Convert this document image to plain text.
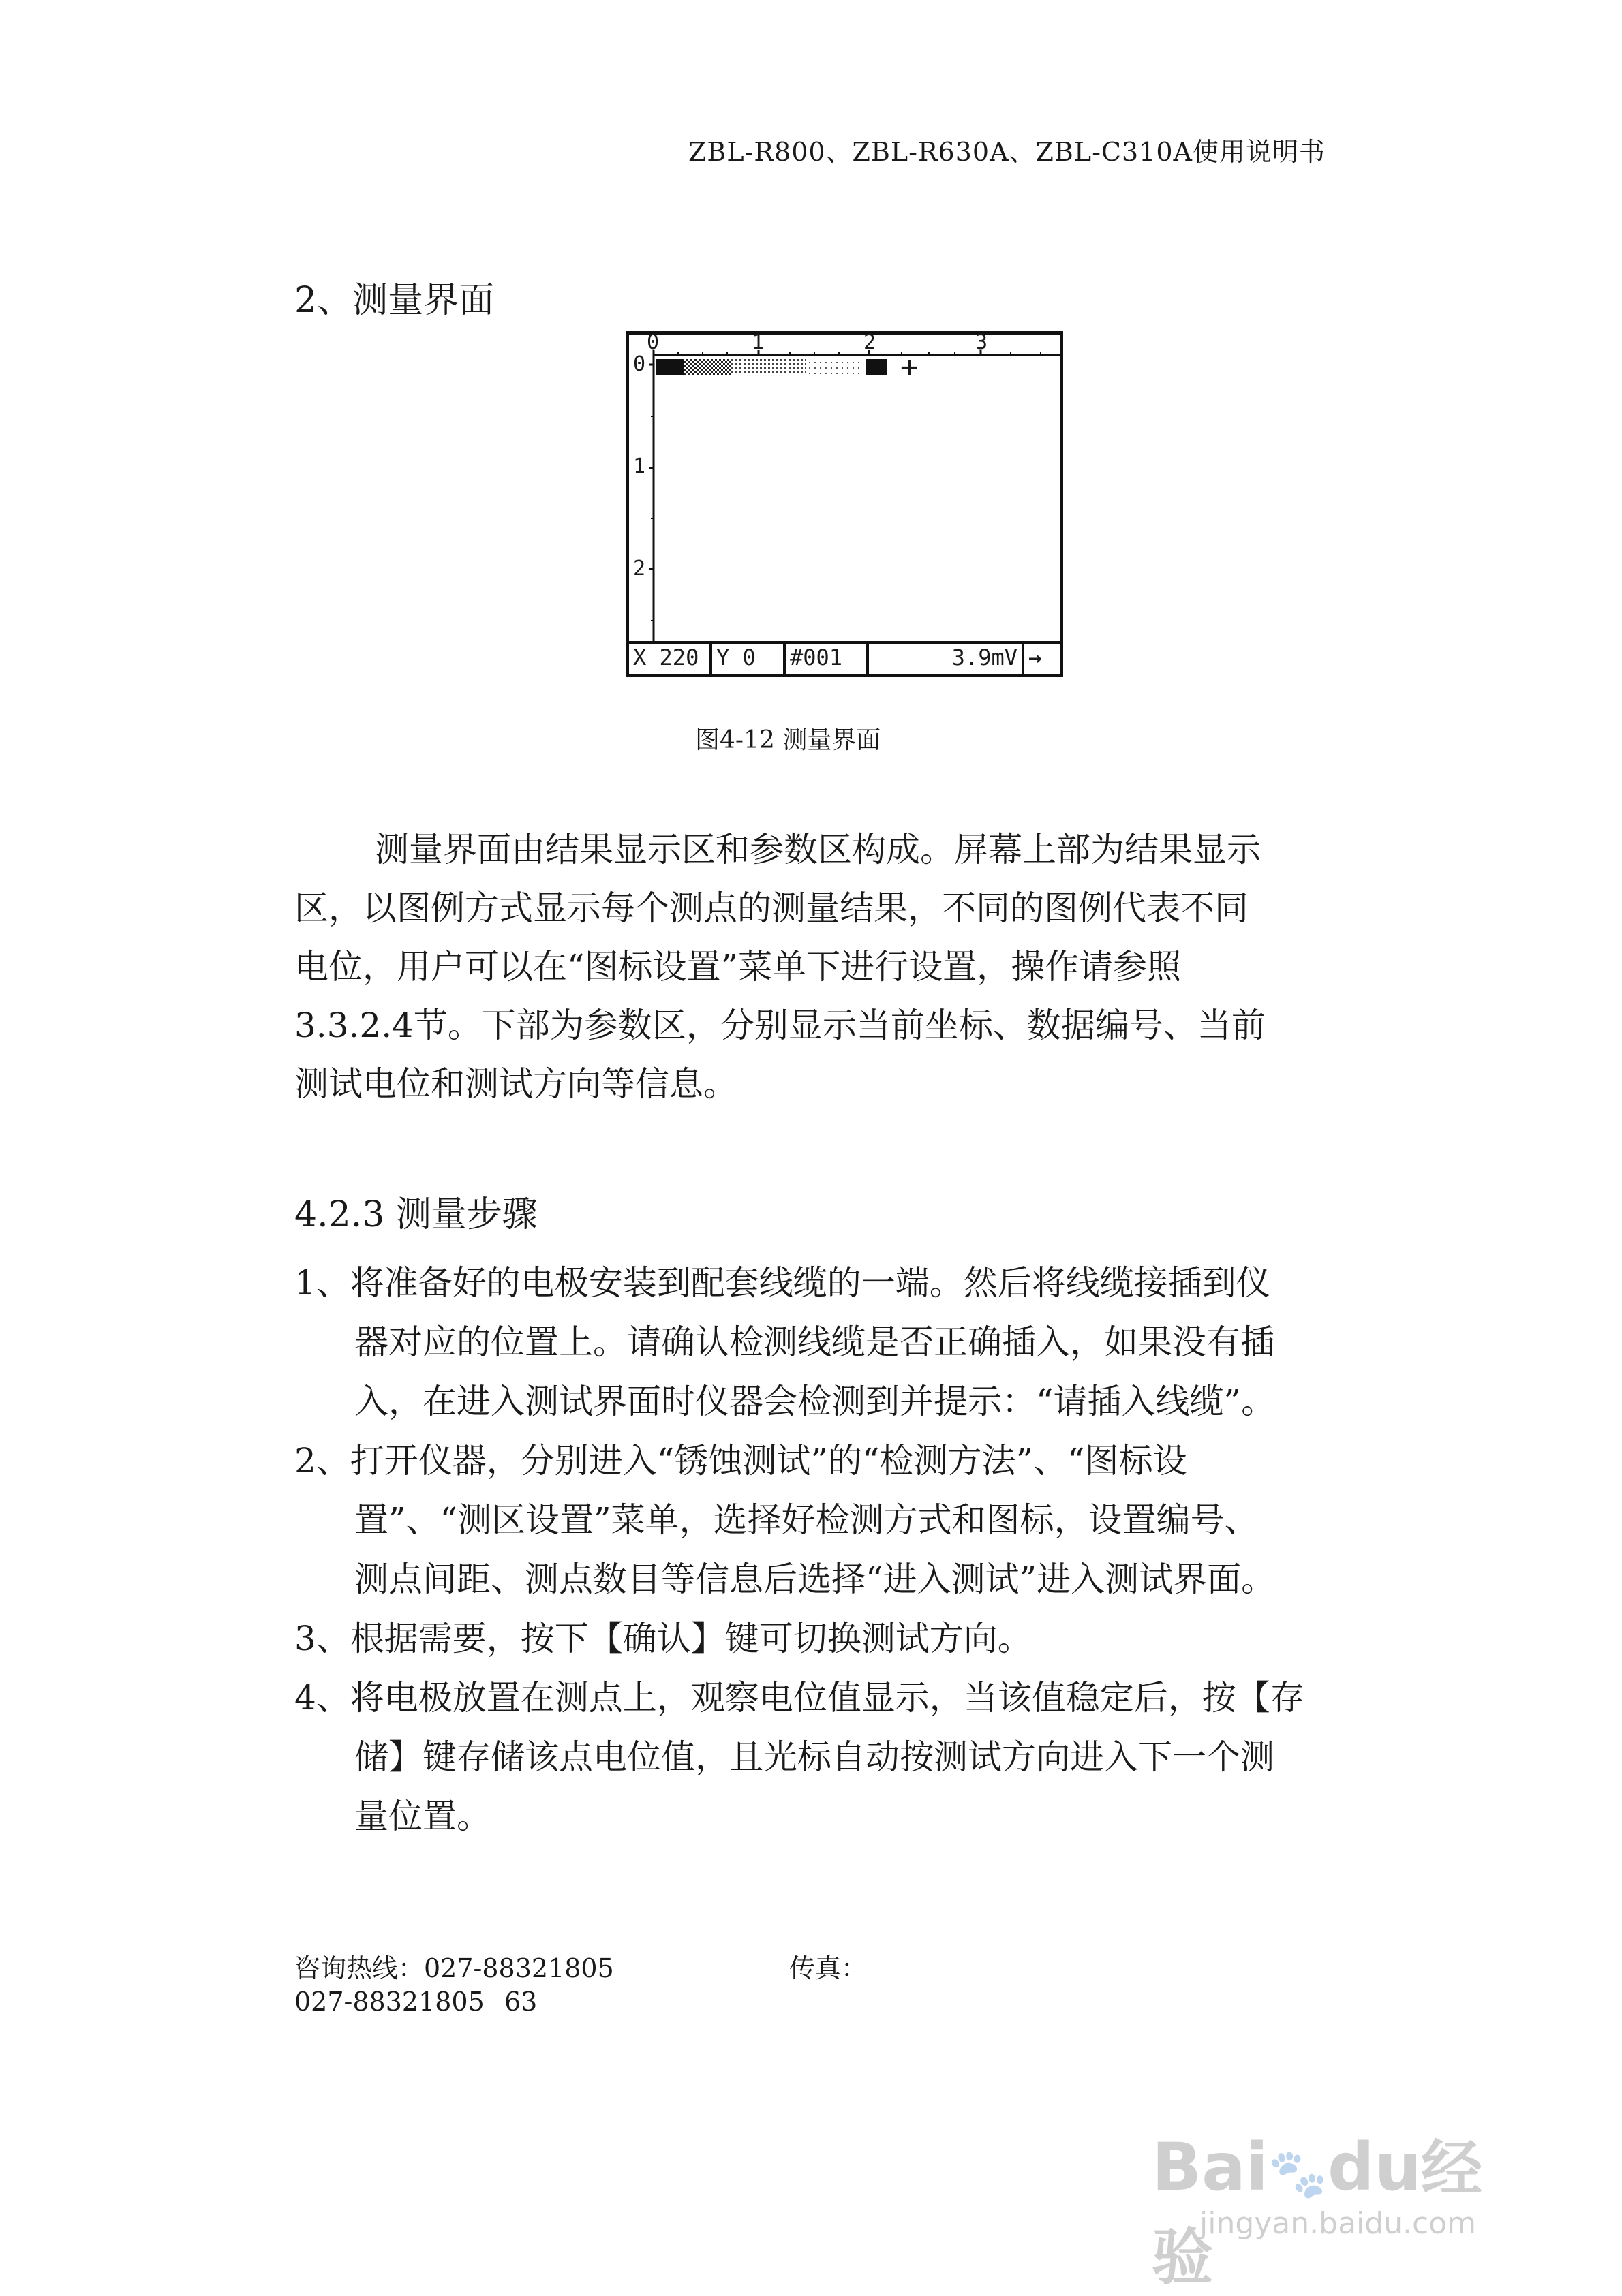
ZBL-R800、ZBL-R630A、ZBL-C310A使用说明书
2、测量界面
0	1	2	3
0
1
2
+
X 220 Y 0	#001	3.9mV →
图4-12 测量界面

测量界面由结果显示区和参数区构成。屏幕上部为结果显示

区，以图例方式显示每个测点的测量结果，不同的图例代表不同

电位，用户可以在“图标设置”菜单下进行设置，操作请参照

3.3.2.4节。下部为参数区，分别显示当前坐标、数据编号、当前

测试电位和测试方向等信息。

4.2.3 测量步骤
1、将准备好的电极安装到配套线缆的一端。然后将线缆接插到仪
器对应的位置上。请确认检测线缆是否正确插入，如果没有插
入，在进入测试界面时仪器会检测到并提示：“请插入线缆”。
2、打开仪器，分别进入“锈蚀测试”的“检测方法”、“图标设
置”、“测区设置”菜单，选择好检测方式和图标，设置编号、
测点间距、测点数目等信息后选择“进入测试”进入测试界面。
3、根据需要，按下【确认】键可切换测试方向。
4、将电极放置在测点上，观察电位值显示，当该值稳定后，按【存
储】键存储该点电位值，且光标自动按测试方向进入下一个测
量位置。
咨询热线：027-88321805	传真：
027-88321805 63
Bai🐾du经验
jingyan.baidu.com
